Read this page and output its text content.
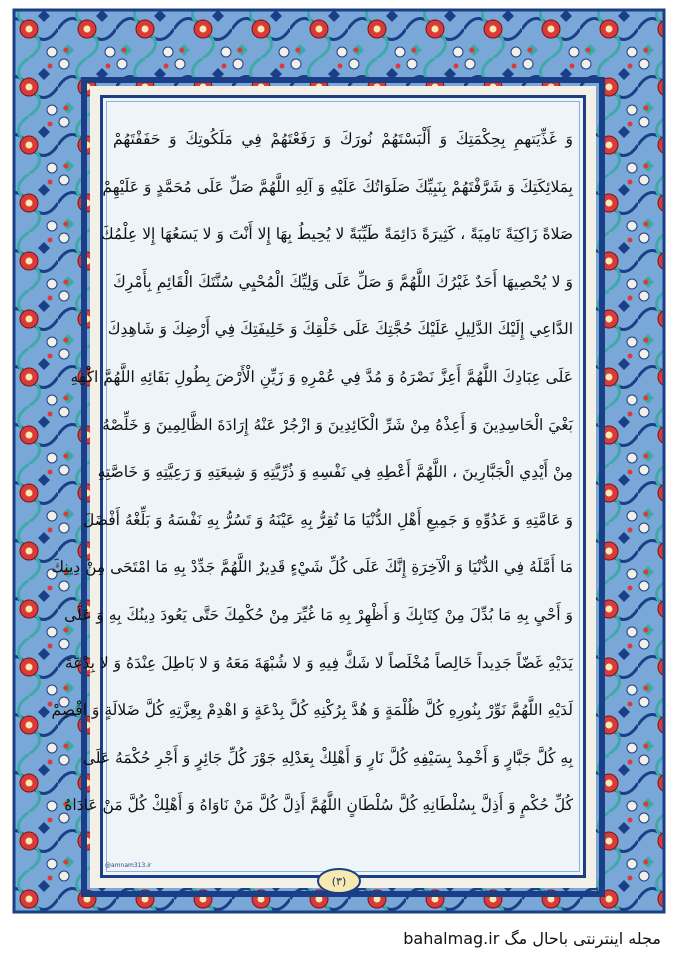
وَ غَذِّيَتهمِ بِحِكْمَتِكَ وَ أَلْبَسْتَهُمْ نُورَكَ وَ رَفَعْتَهُمْ فِي مَلَكُوتِكَ وَ حَفَفْتَهُمْ
بِمَلائِكَتِكَ وَ شَرَّفْتَهُمْ بِنَبِيِّكَ صَلَوَاتُكَ عَلَيْهِ وَ آلِهِ اللَّهُمَّ صَلِّ عَلَى مُحَمَّدٍ وَ عَلَيْهِمْ
صَلاةً زَاكِيَةً نَامِيَةً ، كَثِيرَةً دَائِمَةً طَيِّبَةً لا يُحِيطُ بِهَا إِلا أَنْتَ وَ لا يَسَعُهَا إِلا عِلْمُكَ
وَ لا يُحْصِيهَا أَحَدٌ غَيْرُكَ اللَّهُمَّ وَ صَلِّ عَلَى وَلِيِّكَ الْمُحْيِي سُنَّتَكَ الْقَائِمِ بِأَمْرِكَ
الدَّاعِي إِلَيْكَ الدَّلِيلِ عَلَيْكَ حُجَّتِكَ عَلَى خَلْقِكَ وَ خَلِيفَتِكَ فِي أَرْضِكَ وَ شَاهِدِكَ
عَلَى عِبَادِكَ اللَّهُمَّ أَعِزَّ نَصْرَهُ وَ مُدَّ فِي عُمْرِهِ وَ زَيِّنِ الْأَرْضَ بِطُولِ بَقَائِهِ اللَّهُمَّ اكْفِهِ
بَغْيَ الْحَاسِدِينَ وَ أَعِذْهُ مِنْ شَرِّ الْكَائِدِينَ وَ ازْجُرْ عَنْهُ إِرَادَةَ الظَّالِمِينَ وَ خَلِّصْهُ
مِنْ أَيْدِي الْجَبَّارِينَ ، اللَّهُمَّ أَعْطِهِ فِي نَفْسِهِ وَ ذُرِّيَّتِهِ وَ شِيعَتِهِ وَ رَعِيَّتِهِ وَ خَاصَّتِهِ
وَ عَامَّتِهِ وَ عَدُوِّهِ وَ جَمِيعِ أَهْلِ الدُّنْيَا مَا تُقِرُّ بِهِ عَيْنَهُ وَ تَسُرُّ بِهِ نَفْسَهُ وَ بَلِّغْهُ أَفْضَلَ
مَا أَمَّلَهُ فِي الدُّنْيَا وَ الْآخِرَةِ إِنَّكَ عَلَى كُلِّ شَيْءٍ قَدِيرٌ اللَّهُمَّ جَدِّدْ بِهِ مَا امْتَحَى مِنْ دِينِكَ
وَ أَحْيِ بِهِ مَا بُدِّلَ مِنْ كِتَابِكَ وَ أَظْهِرْ بِهِ مَا غُيِّرَ مِنْ حُكْمِكَ حَتَّى يَعُودَ دِينُكَ بِهِ وَ عَلَى
يَدَيْهِ غَضّاً جَدِيداً خَالِصاً مُخْلَصاً لا شَكَّ فِيهِ وَ لا شُبْهَةَ مَعَهُ وَ لا بَاطِلَ عِنْدَهُ وَ لا بِدْعَةَ
لَدَيْهِ اللَّهُمَّ نَوِّرْ بِنُورِهِ كُلَّ ظُلْمَةٍ وَ هُدَّ بِرُكْنِهِ كُلَّ بِدْعَةٍ وَ اهْدِمْ بِعِزَّتِهِ كُلَّ ضَلالَةٍ وَ اقْصِمْ
بِهِ كُلَّ جَبَّارٍ وَ أَخْمِدْ بِسَيْفِهِ كُلَّ نَارٍ وَ أَهْلِكْ بِعَدْلِهِ جَوْرَ كُلِّ جَائِرٍ وَ أَجْرِ حُكْمَهُ عَلَى
كُلِّ حُكْمٍ وَ أَذِلَّ بِسُلْطَانِهِ كُلَّ سُلْطَانٍ اللَّهُمَّ أَذِلَّ كُلَّ مَنْ نَاوَاهُ وَ أَهْلِكْ كُلَّ مَنْ عَادَاهُ
@amnam313.ir
(٣)
bahalmag.ir مجله اینترنتی باحال مگ
